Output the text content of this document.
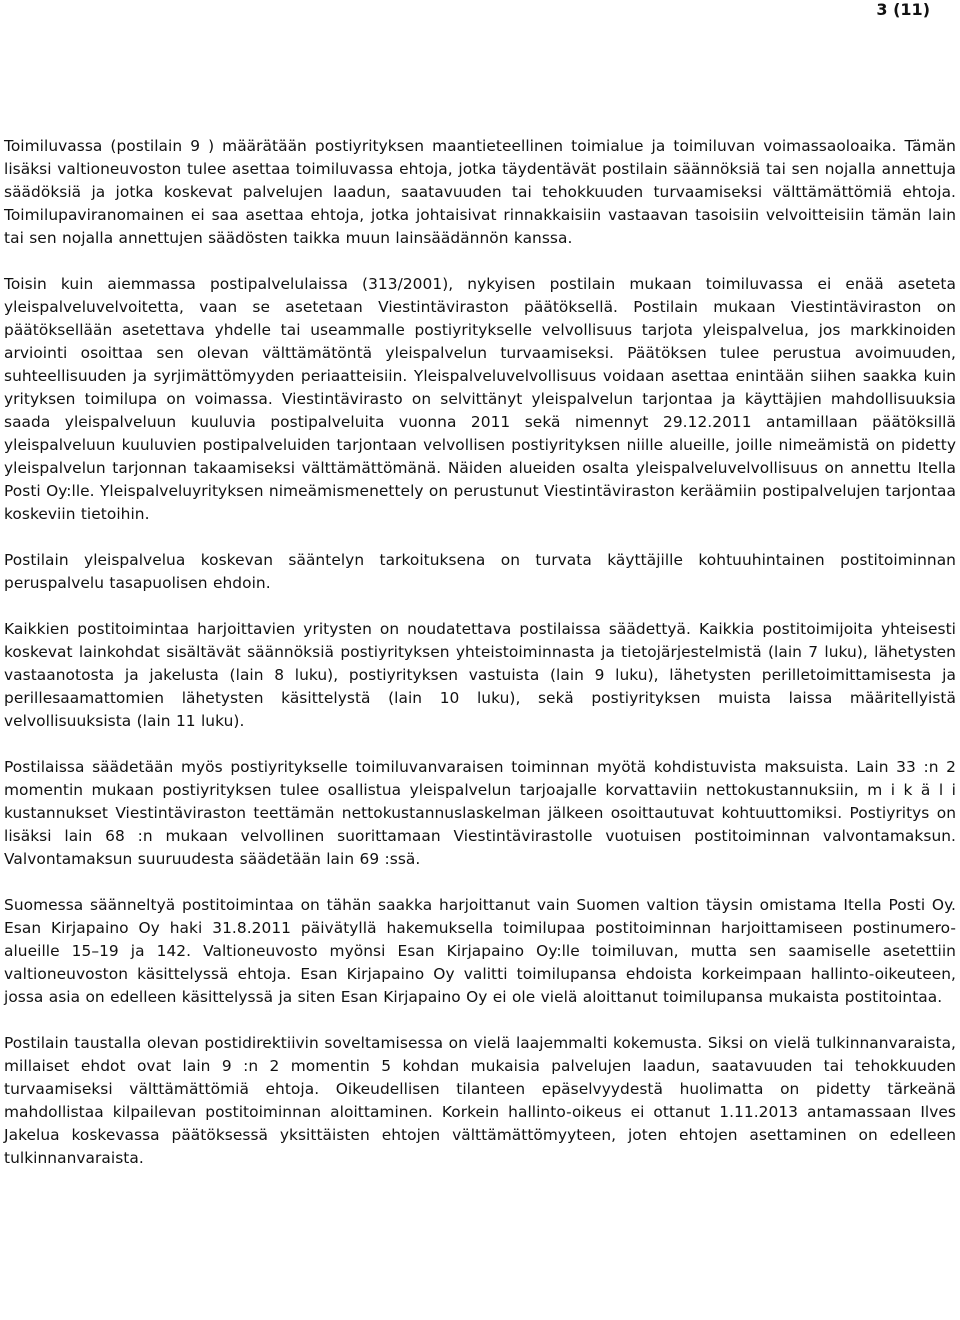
3 (11)

Toimiluvassa (postilain 9 ) määrätään postiyrityksen maantieteellinen toimialue ja toimiluvan voimassaoloaika. Tämän lisäksi valtioneuvoston tulee asettaa toimiluvassa ehtoja, jotka täydentävät postilain säännöksiä tai sen nojalla annettuja säädöksiä ja jotka koskevat palvelujen laadun, saatavuuden tai tehokkuuden turvaamiseksi välttämättömiä ehtoja. Toimilupaviranomainen ei saa asettaa ehtoja, jotka johtaisivat rinnakkaisiin vastaavan tasoisiin velvoitteisiin tämän lain tai sen nojalla annettujen säädösten taikka muun lainsäädännön kanssa.

Toisin kuin aiemmassa postipalvelulaissa (313/2001), nykyisen postilain mukaan toimiluvassa ei enää aseteta yleispalveluvelvoitetta, vaan se asetetaan Viestintäviraston päätöksellä. Postilain mukaan Viestintäviraston on päätöksellään asetettava yhdelle tai useammalle postiyritykselle velvollisuus tarjota yleispalvelua, jos markkinoiden arviointi osoittaa sen olevan välttämätöntä yleispalvelun turvaamiseksi. Päätöksen tulee perustua avoimuuden, suhteellisuuden ja syrjimättömyyden periaatteisiin. Yleispalveluvelvollisuus voidaan asettaa enintään siihen saakka kuin yrityksen toimilupa on voimassa. Viestintävirasto on selvittänyt yleispalvelun tarjontaa ja käyttäjien mahdollisuuksia saada yleispalveluun kuuluvia postipalveluita vuonna 2011 sekä nimennyt 29.12.2011 antamillaan päätöksillä yleispalveluun kuuluvien postipalveluiden tarjontaan velvollisen postiyrityksen niille alueille, joille nimeämistä on pidetty yleispalvelun tarjonnan takaamiseksi välttämättömänä. Näiden alueiden osalta yleispalveluvelvollisuus on annettu Itella Posti Oy:lle. Yleispalveluyrityksen nimeämismenettely on perustunut Viestintäviraston keräämiin postipalvelujen tarjontaa koskeviin tietoihin.

Postilain yleispalvelua koskevan sääntelyn tarkoituksena on turvata käyttäjille kohtuuhintainen postitoiminnan peruspalvelu tasapuolisen ehdoin.

Kaikkien postitoimintaa harjoittavien yritysten on noudatettava postilaissa säädettyä. Kaikkia postitoimijoita yhteisesti koskevat lainkohdat sisältävät säännöksiä postiyrityksen yhteistoiminnasta ja tietojärjestelmistä (lain 7 luku), lähetysten vastaanotosta ja jakelusta (lain 8 luku), postiyrityksen vastuista (lain 9 luku), lähetysten perilletoimittamisesta ja perillesaamattomien lähetysten käsittelystä (lain 10 luku), sekä postiyrityksen muista laissa määritellyistä velvollisuuksista (lain 11 luku).

Postilaissa säädetään myös postiyritykselle toimiluvanvaraisen toiminnan myötä kohdistuvista maksuista. Lain 33 :n 2 momentin mukaan postiyrityksen tulee osallistua yleispalvelun tarjoajalle korvattaviin nettokustannuksiin, m i k ä l i kustannukset Viestintäviraston teettämän nettokustannuslaskelman jälkeen osoittautuvat kohtuuttomiksi. Postiyritys on lisäksi lain 68 :n mukaan velvollinen suorittamaan Viestintävirastolle vuotuisen postitoiminnan valvontamaksun. Valvontamaksun suuruudesta säädetään lain 69 :ssä.

Suomessa säänneltyä postitoimintaa on tähän saakka harjoittanut vain Suomen valtion täysin omistama Itella Posti Oy. Esan Kirjapaino Oy haki 31.8.2011 päivätyllä hakemuksella toimilupaa postitoiminnan harjoittamiseen postinumero-alueille 15–19 ja 142. Valtioneuvosto myönsi Esan Kirjapaino Oy:lle toimiluvan, mutta sen saamiselle asetettiin valtioneuvoston käsittelyssä ehtoja. Esan Kirjapaino Oy valitti toimilupansa ehdoista korkeimpaan hallinto-oikeuteen, jossa asia on edelleen käsittelyssä ja siten Esan Kirjapaino Oy ei ole vielä aloittanut toimilupansa mukaista postitointaa.

Postilain taustalla olevan postidirektiivin soveltamisessa on vielä laajemmalti kokemusta. Siksi on vielä tulkinnanvaraista, millaiset ehdot ovat lain 9 :n 2 momentin 5 kohdan mukaisia palvelujen laadun, saatavuuden tai tehokkuuden turvaamiseksi välttämättömiä ehtoja. Oikeudellisen tilanteen epäselvyydestä huolimatta on pidetty tärkeänä mahdollistaa kilpailevan postitoiminnan aloittaminen. Korkein hallinto-oikeus ei ottanut 1.11.2013 antamassaan Ilves Jakelua koskevassa päätöksessä yksittäisten ehtojen välttämättömyyteen, joten ehtojen asettaminen on edelleen tulkinnanvaraista.
